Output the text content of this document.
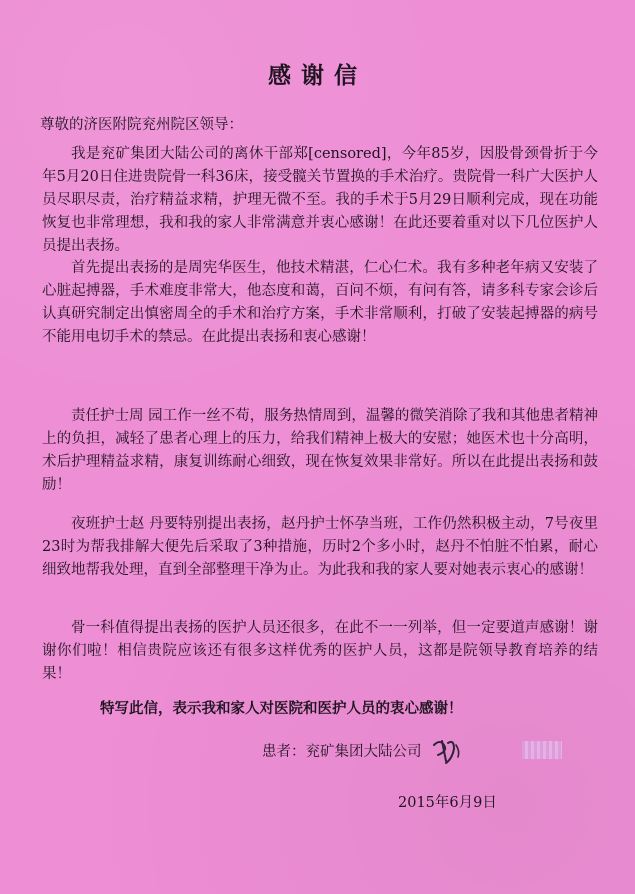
感谢信
尊敬的济医附院兖州院区领导：

我是兖矿集团大陆公司的离休干部郑[censored]，今年85岁，因股骨颈骨折于今年5月20日住进贵院骨一科36床，接受髋关节置换的手术治疗。贵院骨一科广大医护人员尽职尽责，治疗精益求精，护理无微不至。我的手术于5月29日顺利完成，现在功能恢复也非常理想，我和我的家人非常满意并衷心感谢！在此还要着重对以下几位医护人员提出表扬。

首先提出表扬的是周宪华医生，他技术精湛，仁心仁术。我有多种老年病又安装了心脏起搏器，手术难度非常大，他态度和蔼，百问不烦，有问有答，请多科专家会诊后认真研究制定出慎密周全的手术和治疗方案，手术非常顺利，打破了安装起搏器的病号不能用电切手术的禁忌。在此提出表扬和衷心感谢！

责任护士周 园工作一丝不苟，服务热情周到，温馨的微笑消除了我和其他患者精神上的负担，减轻了患者心理上的压力，给我们精神上极大的安慰；她医术也十分高明，术后护理精益求精，康复训练耐心细致，现在恢复效果非常好。所以在此提出表扬和鼓励！

夜班护士赵 丹要特别提出表扬，赵丹护士怀孕当班，工作仍然积极主动，7号夜里23时为帮我排解大便先后采取了3种措施，历时2个多小时，赵丹不怕脏不怕累，耐心细致地帮我处理，直到全部整理干净为止。为此我和我的家人要对她表示衷心的感谢！

骨一科值得提出表扬的医护人员还很多，在此不一一列举，但一定要道声感谢！谢谢你们啦！相信贵院应该还有很多这样优秀的医护人员，这都是院领导教育培养的结果！

特写此信，表示我和家人对医院和医护人员的衷心感谢！
患者：兖矿集团大陆公司
2015年6月9日
